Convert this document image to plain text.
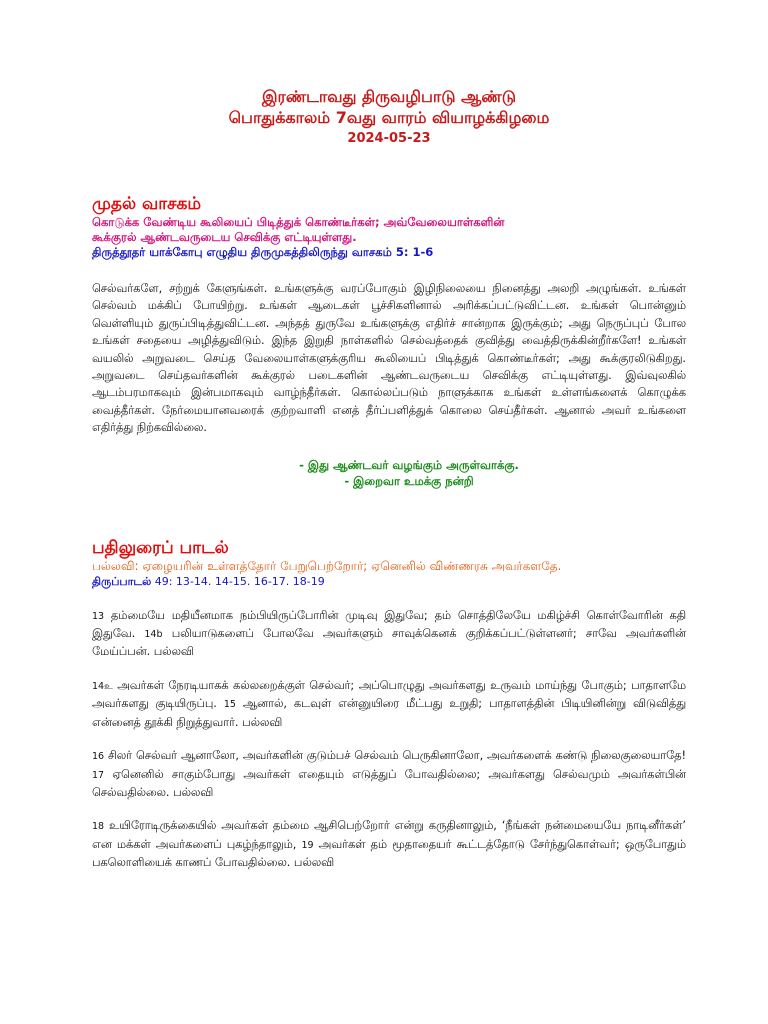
இரண்டாவது திருவழிபாடு ஆண்டு

பொதுக்காலம் 7வது வாரம் வியாழக்கிழமை

2024-05-23

முதல் வாசகம்

கொடுக்க வேண்டிய கூலியைப் பிடித்துக் கொண்டீர்கள்; அவ்வேலையாள்களின்

கூக்குரல் ஆண்டவருடைய செவிக்கு எட்டியுள்ளது.

திருத்தூதர் யாக்கோபு எழுதிய திருமுகத்திலிருந்து வாசகம் 5: 1-6

செல்வர்களே, சற்றுக் கேளுங்கள். உங்களுக்கு வரப்போகும் இழிநிலையை நினைத்து அலறி அழுங்கள். உங்கள் செல்வம் மக்கிப் போயிற்று. உங்கள் ஆடைகள் பூச்சிகளினால் அரிக்கப்பட்டுவிட்டன. உங்கள் பொன்னும் வெள்ளியும் துருப்பிடித்துவிட்டன. அந்தத் துருவே உங்களுக்கு எதிர்ச் சான்றாக இருக்கும்; அது நெருப்புப் போல உங்கள் சதையை அழித்துவிடும். இந்த இறுதி நாள்களில் செல்வத்தைக் குவித்து வைத்திருக்கின்றீர்களே! உங்கள் வயலில் அறுவடை செய்த வேலையாள்களுக்குரிய கூலியைப் பிடித்துக் கொண்டீர்கள்; அது கூக்குரலிடுகிறது. அறுவடை செய்தவர்களின் கூக்குரல் படைகளின் ஆண்டவருடைய செவிக்கு எட்டியுள்ளது. இவ்வுலகில் ஆடம்பரமாகவும் இன்பமாகவும் வாழ்ந்தீர்கள். கொல்லப்படும் நாளுக்காக உங்கள் உள்ளங்களைக் கொழுக்க வைத்தீர்கள். நேர்மையானவரைக் குற்றவாளி எனத் தீர்ப்பளித்துக் கொலை செய்தீர்கள். ஆனால் அவர் உங்களை எதிர்த்து நிற்கவில்லை.

- இது ஆண்டவர் வழங்கும் அருள்வாக்கு.

- இறைவா உமக்கு நன்றி

பதிலுரைப் பாடல்

பல்லவி: ஏழையரின் உள்ளத்தோர் பேறுபெற்றோர்; ஏனெனில் விண்ணரசு அவர்களதே.

திருப்பாடல் 49: 13-14. 14-15. 16-17. 18-19

13 தம்மையே மதியீனமாக நம்பியிருப்போரின் முடிவு இதுவே; தம் சொத்திலேயே மகிழ்ச்சி கொள்வோரின் கதி இதுவே. 14b பலியாடுகளைப் போலவே அவர்களும் சாவுக்கெனக் குறிக்கப்பட்டுள்ளனர்; சாவே அவர்களின் மேய்ப்பன். பல்லவி

14உ அவர்கள் நேரடியாகக் கல்லறைக்குள் செல்வர்; அப்பொழுது அவர்களது உருவம் மாய்ந்து போகும்; பாதாளமே அவர்களது குடியிருப்பு. 15 ஆனால், கடவுள் என்னுயிரை மீட்பது உறுதி; பாதாளத்தின் பிடியினின்று விடுவித்து என்னைத் தூக்கி நிறுத்துவார். பல்லவி

16 சிலர் செல்வர் ஆனாலோ, அவர்களின் குடும்பச் செல்வம் பெருகினாலோ, அவர்களைக் கண்டு நிலைகுலையாதே! 17 ஏனெனில் சாகும்போது அவர்கள் எதையும் எடுத்துப் போவதில்லை; அவர்களது செல்வமும் அவர்கள்பின் செல்வதில்லை. பல்லவி

18 உயிரோடிருக்கையில் அவர்கள் தம்மை ஆசிபெற்றோர் என்று கருதினாலும், ‘நீங்கள் நன்மையையே நாடினீர்கள்’ என மக்கள் அவர்களைப் புகழ்ந்தாலும், 19 அவர்கள் தம் மூதாதையர் கூட்டத்தோடு சேர்ந்துகொள்வர்; ஒருபோதும் பகலொளியைக் காணப் போவதில்லை. பல்லவி
